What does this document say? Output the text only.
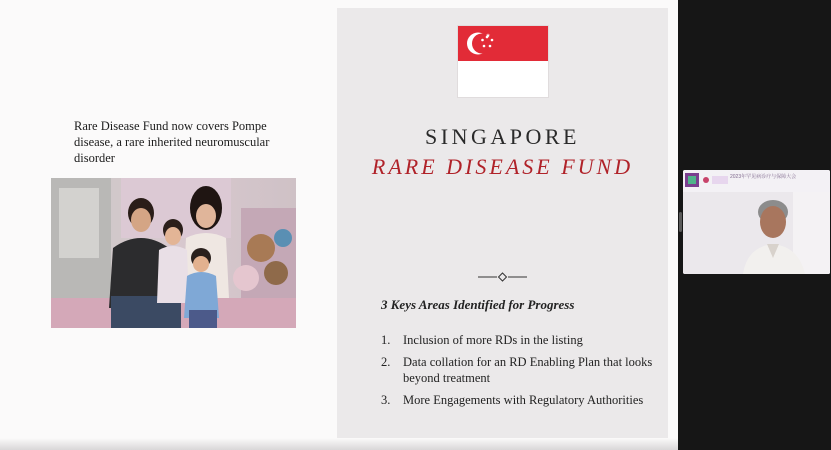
Rare Disease Fund now covers Pompe disease, a rare inherited neuromuscular disorder
SINGAPORE
RARE DISEASE FUND
3 Keys Areas Identified for Progress
1. Inclusion of more RDs in the listing
2. Data collation for an RD Enabling Plan that looks beyond treatment
3. More Engagements with Regulatory Authorities
2023年罕见病诊疗与保障大会
